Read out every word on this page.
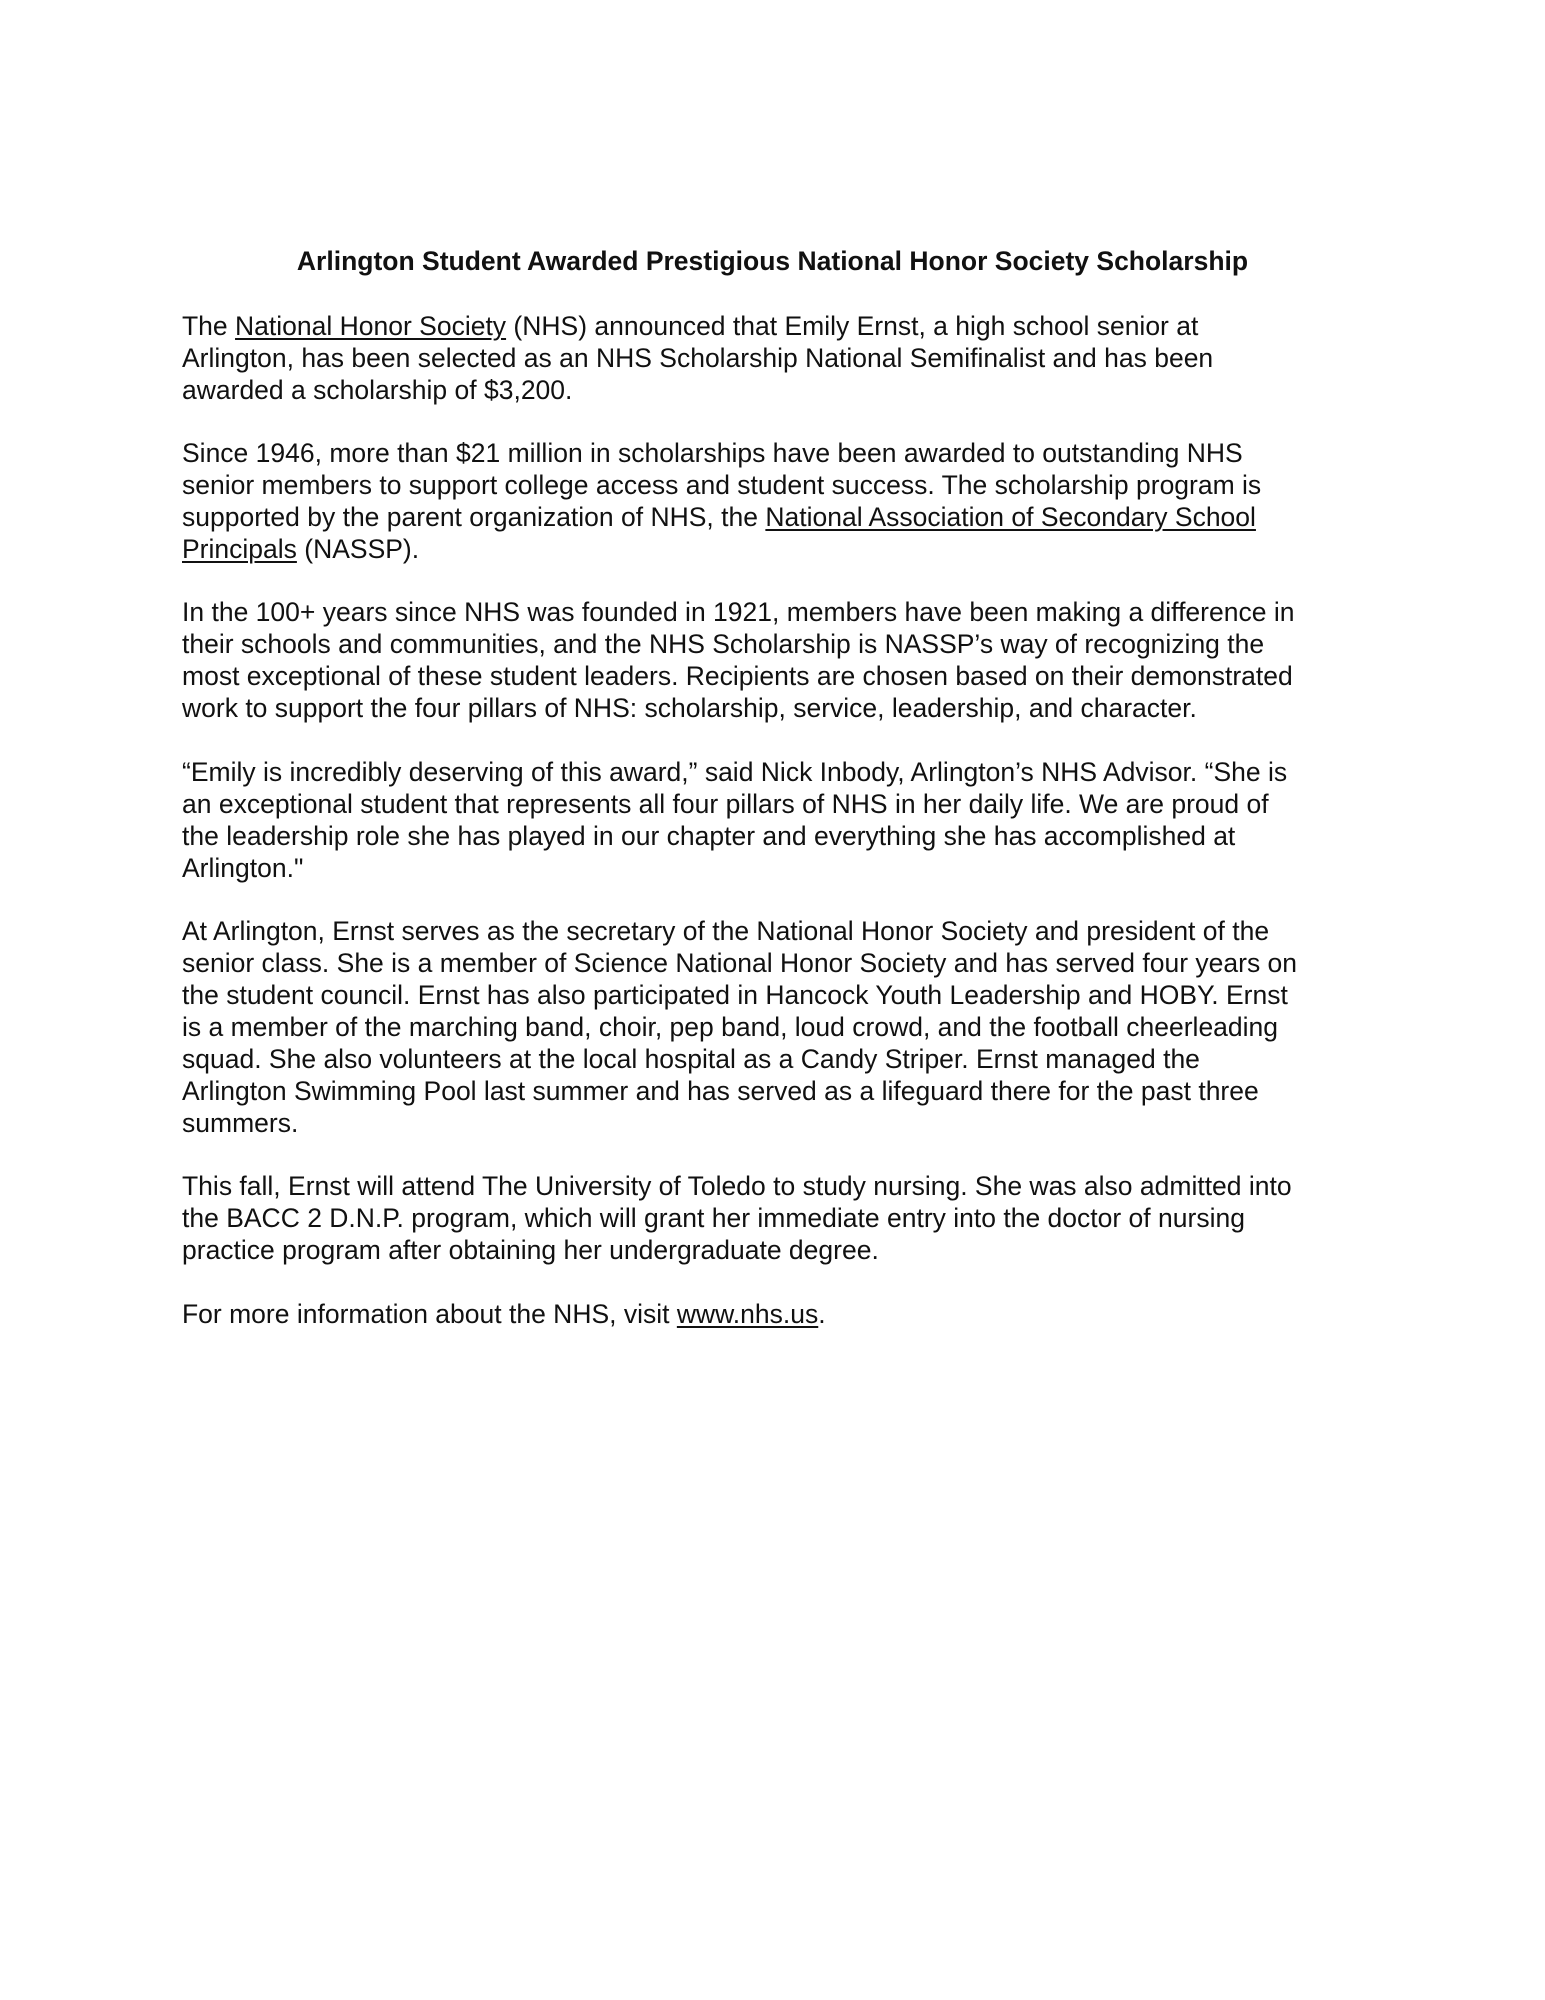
Arlington Student Awarded Prestigious National Honor Society Scholarship

The National Honor Society (NHS) announced that Emily Ernst, a high school senior at
Arlington, has been selected as an NHS Scholarship National Semifinalist and has been
awarded a scholarship of $3,200.

Since 1946, more than $21 million in scholarships have been awarded to outstanding NHS
senior members to support college access and student success. The scholarship program is
supported by the parent organization of NHS, the National Association of Secondary School
Principals (NASSP).

In the 100+ years since NHS was founded in 1921, members have been making a difference in
their schools and communities, and the NHS Scholarship is NASSP’s way of recognizing the
most exceptional of these student leaders. Recipients are chosen based on their demonstrated
work to support the four pillars of NHS: scholarship, service, leadership, and character.

“Emily is incredibly deserving of this award,” said Nick Inbody, Arlington’s NHS Advisor. “She is
an exceptional student that represents all four pillars of NHS in her daily life. We are proud of
the leadership role she has played in our chapter and everything she has accomplished at
Arlington."

At Arlington, Ernst serves as the secretary of the National Honor Society and president of the
senior class. She is a member of Science National Honor Society and has served four years on
the student council. Ernst has also participated in Hancock Youth Leadership and HOBY. Ernst
is a member of the marching band, choir, pep band, loud crowd, and the football cheerleading
squad. She also volunteers at the local hospital as a Candy Striper. Ernst managed the
Arlington Swimming Pool last summer and has served as a lifeguard there for the past three
summers.

This fall, Ernst will attend The University of Toledo to study nursing. She was also admitted into
the BACC 2 D.N.P. program, which will grant her immediate entry into the doctor of nursing
practice program after obtaining her undergraduate degree.

For more information about the NHS, visit www.nhs.us.
